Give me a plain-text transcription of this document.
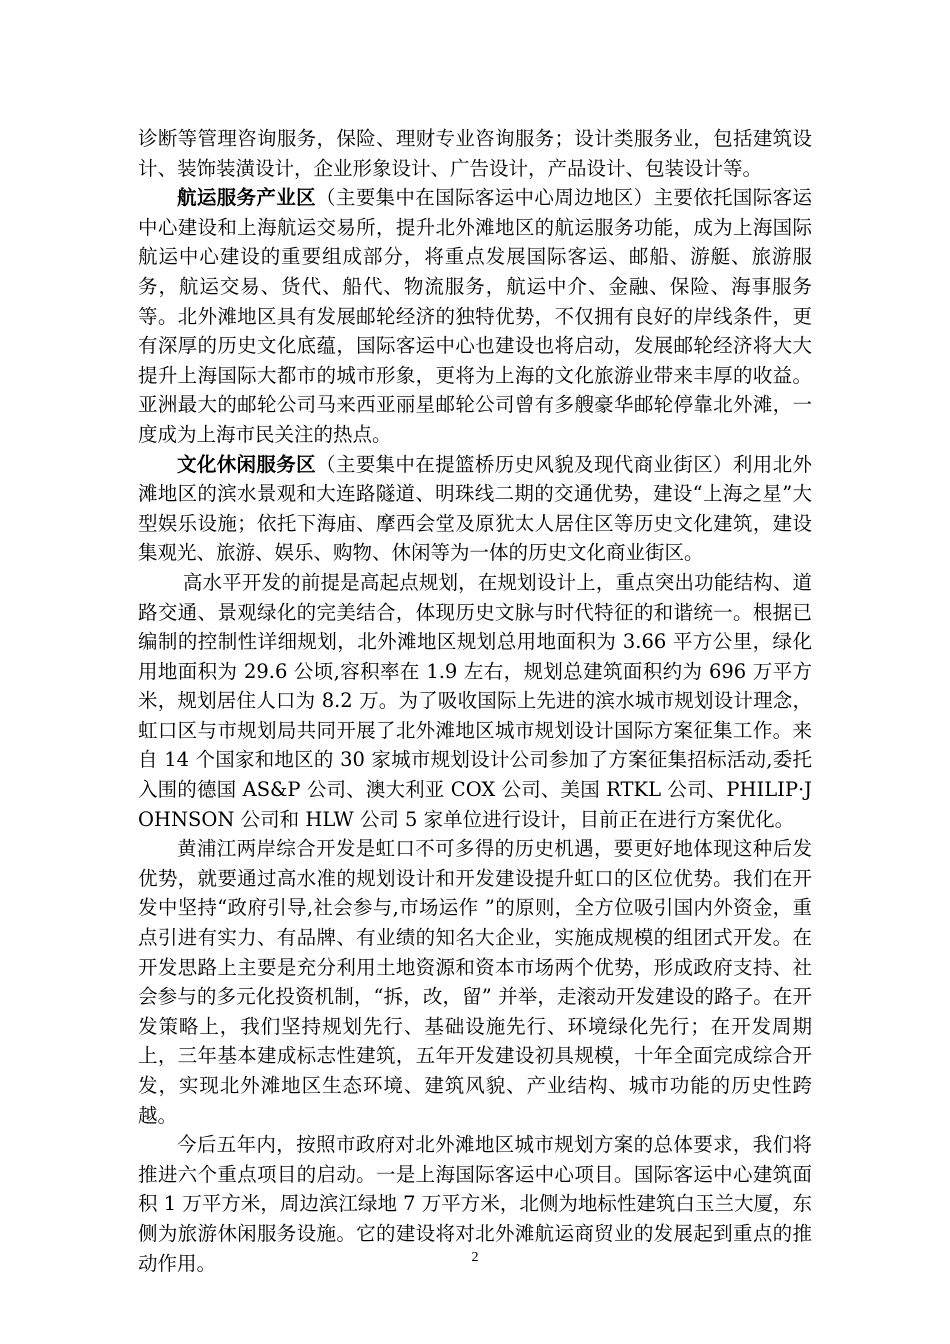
诊断等管理咨询服务，保险、理财专业咨询服务；设计类服务业，包括建筑设计、装饰装潢设计，企业形象设计、广告设计，产品设计、包装设计等。

航运服务产业区（主要集中在国际客运中心周边地区）主要依托国际客运中心建设和上海航运交易所，提升北外滩地区的航运服务功能，成为上海国际航运中心建设的重要组成部分，将重点发展国际客运、邮船、游艇、旅游服务，航运交易、货代、船代、物流服务，航运中介、金融、保险、海事服务等。北外滩地区具有发展邮轮经济的独特优势，不仅拥有良好的岸线条件，更有深厚的历史文化底蕴，国际客运中心也建设也将启动，发展邮轮经济将大大提升上海国际大都市的城市形象，更将为上海的文化旅游业带来丰厚的收益。亚洲最大的邮轮公司马来西亚丽星邮轮公司曾有多艘豪华邮轮停靠北外滩，一度成为上海市民关注的热点。

文化休闲服务区（主要集中在提篮桥历史风貌及现代商业街区）利用北外滩地区的滨水景观和大连路隧道、明珠线二期的交通优势，建设“上海之星”大型娱乐设施；依托下海庙、摩西会堂及原犹太人居住区等历史文化建筑，建设集观光、旅游、娱乐、购物、休闲等为一体的历史文化商业街区。

高水平开发的前提是高起点规划，在规划设计上，重点突出功能结构、道路交通、景观绿化的完美结合，体现历史文脉与时代特征的和谐统一。根据已编制的控制性详细规划，北外滩地区规划总用地面积为 3.66 平方公里，绿化用地面积为 29.6 公顷,容积率在 1.9 左右，规划总建筑面积约为 696 万平方米，规划居住人口为 8.2 万。为了吸收国际上先进的滨水城市规划设计理念，虹口区与市规划局共同开展了北外滩地区城市规划设计国际方案征集工作。来自 14 个国家和地区的 30 家城市规划设计公司参加了方案征集招标活动,委托入围的德国 AS&P 公司、澳大利亚 COX 公司、美国 RTKL 公司、PHILIP·JOHNSON 公司和 HLW 公司 5 家单位进行设计，目前正在进行方案优化。

黄浦江两岸综合开发是虹口不可多得的历史机遇，要更好地体现这种后发优势，就要通过高水准的规划设计和开发建设提升虹口的区位优势。我们在开发中坚持“政府引导,社会参与,市场运作 ”的原则，全方位吸引国内外资金，重点引进有实力、有品牌、有业绩的知名大企业，实施成规模的组团式开发。在开发思路上主要是充分利用土地资源和资本市场两个优势，形成政府支持、社会参与的多元化投资机制，“拆，改，留” 并举，走滚动开发建设的路子。在开发策略上，我们坚持规划先行、基础设施先行、环境绿化先行；在开发周期上，三年基本建成标志性建筑，五年开发建设初具规模，十年全面完成综合开发，实现北外滩地区生态环境、建筑风貌、产业结构、城市功能的历史性跨越。

今后五年内，按照市政府对北外滩地区城市规划方案的总体要求，我们将推进六个重点项目的启动。一是上海国际客运中心项目。国际客运中心建筑面积 1 万平方米，周边滨江绿地 7 万平方米，北侧为地标性建筑白玉兰大厦，东侧为旅游休闲服务设施。它的建设将对北外滩航运商贸业的发展起到重点的推动作用。	2
